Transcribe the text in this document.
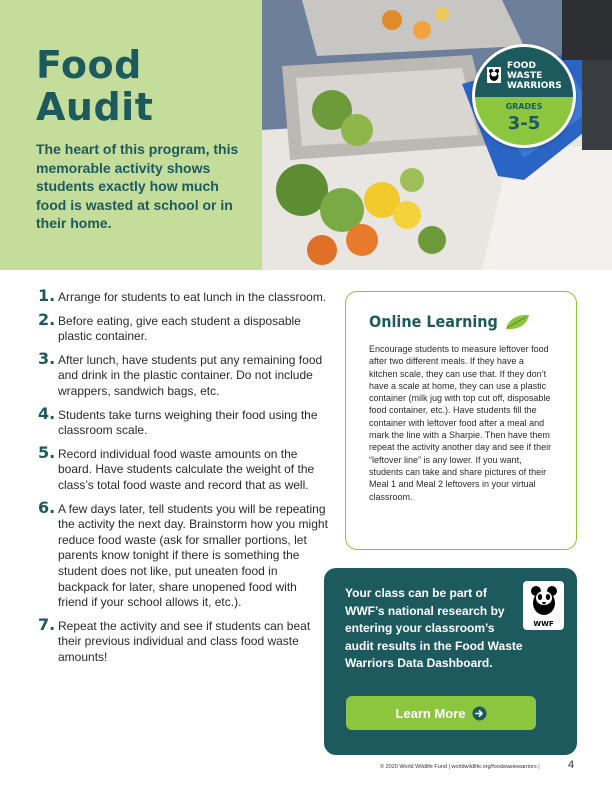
Food
Audit

The heart of this program, this memorable activity shows students exactly how much food is wasted at school or in their home.

FOOD WASTE
WARRIORS
GRADES
3-5
1. Arrange for students to eat lunch in the classroom.
2. Before eating, give each student a disposable plastic container.
3. After lunch, have students put any remaining food and drink in the plastic container. Do not include wrappers, sandwich bags, etc.
4. Students take turns weighing their food using the classroom scale.
5. Record individual food waste amounts on the board. Have students calculate the weight of the class’s total food waste and record that as well.
6. A few days later, tell students you will be repeating the activity the next day. Brainstorm how you might reduce food waste (ask for smaller portions, let parents know tonight if there is something the student does not like, put uneaten food in backpack for later, share unopened food with friend if your school allows it, etc.).
7. Repeat the activity and see if students can beat their previous individual and class food waste amounts!
Online Learning

Encourage students to measure leftover food after two different meals. If they have a kitchen scale, they can use that. If they don’t have a scale at home, they can use a plastic container (milk jug with top cut off, disposable food container, etc.). Have students fill the container with leftover food after a meal and mark the line with a Sharpie. Then have them repeat the activity another day and see if their “leftover line” is any lower. If you want, students can take and share pictures of their Meal 1 and Meal 2 leftovers in your virtual classroom.

Your class can be part of WWF’s national research by entering your classroom’s audit results in the Food Waste Warriors Data Dashboard.

WWF
Learn More
© 2020 World Wildlife Fund | worldwildlife.org/foodwastewarriors |	4
